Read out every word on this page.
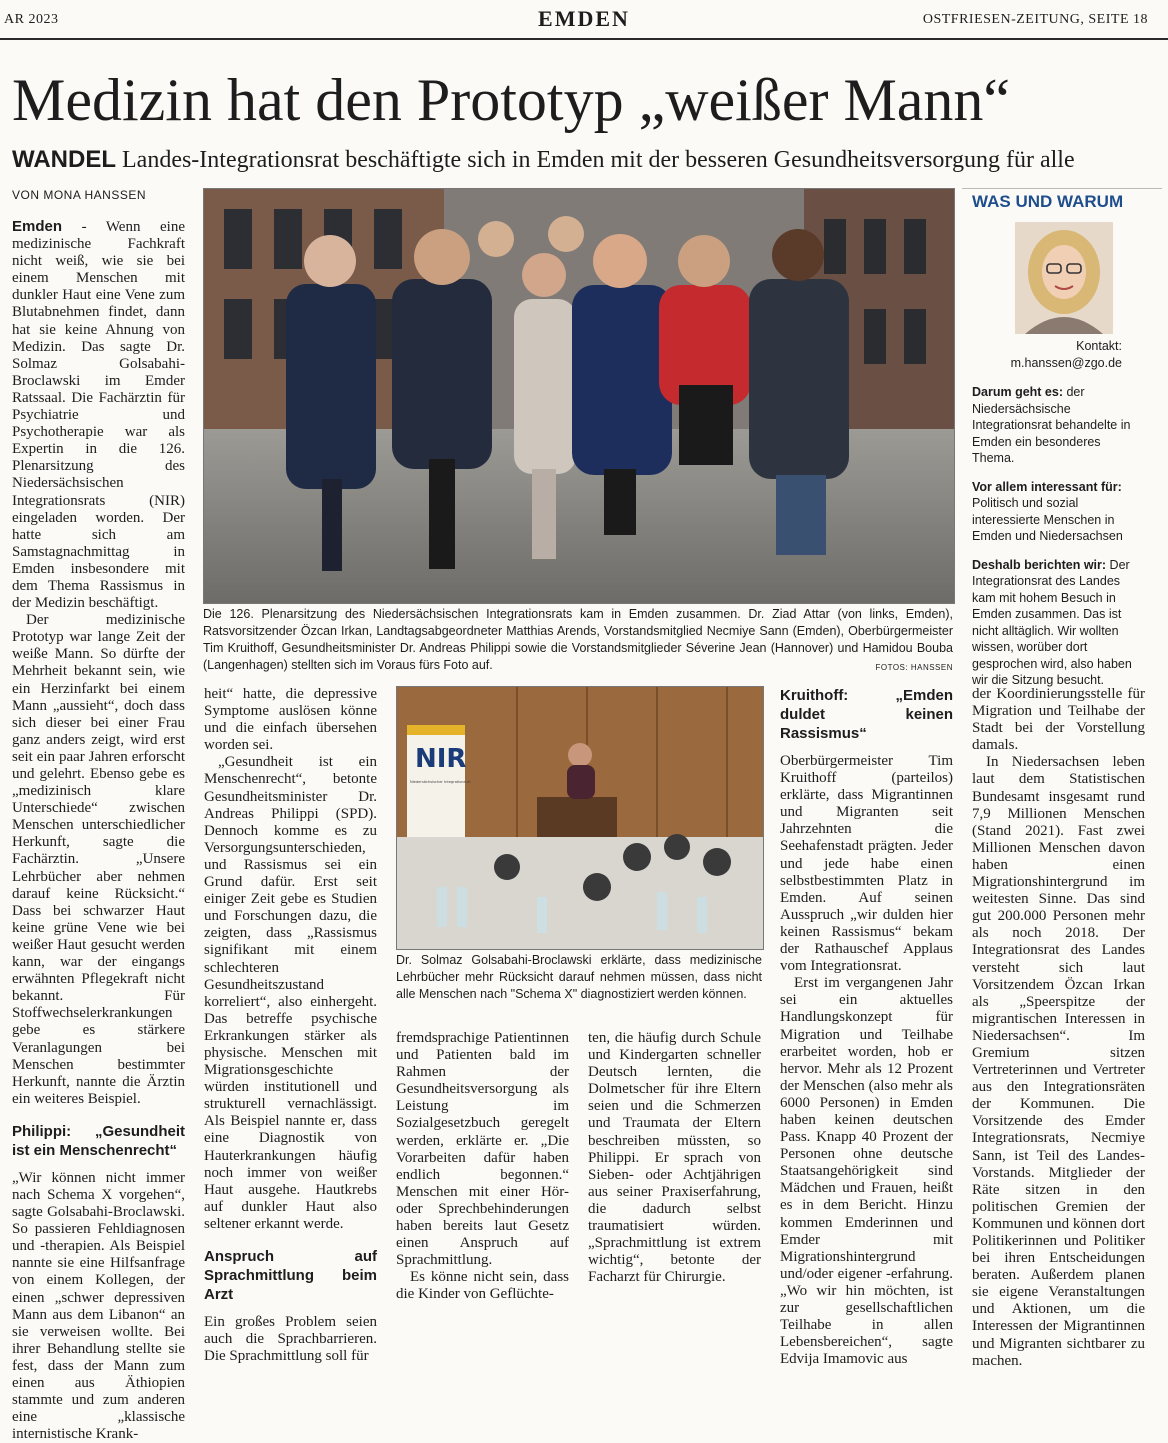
AR 2023	EMDEN	OSTFRIESEN-ZEITUNG, SEITE 18
Medizin hat den Prototyp „weißer Mann“
WANDEL Landes-Integrationsrat beschäftigte sich in Emden mit der besseren Gesundheitsversorgung für alle
VON MONA HANSSEN

Emden - Wenn eine medizinische Fachkraft nicht weiß, wie sie bei einem Menschen mit dunkler Haut eine Vene zum Blutabnehmen findet, dann hat sie keine Ahnung von Medizin. Das sagte Dr. Solmaz Golsabahi-Broclawski im Emder Ratssaal. Die Fachärztin für Psychiatrie und Psychotherapie war als Expertin in die 126. Plenarsitzung des Niedersächsischen Integrationsrats (NIR) eingeladen worden. Der hatte sich am Samstagnachmittag in Emden insbesondere mit dem Thema Rassismus in der Medizin beschäftigt.

Der medizinische Prototyp war lange Zeit der weiße Mann. So dürfte der Mehrheit bekannt sein, wie ein Herzinfarkt bei einem Mann „aussieht“, doch dass sich dieser bei einer Frau ganz anders zeigt, wird erst seit ein paar Jahren erforscht und gelehrt. Ebenso gebe es „medizinisch klare Unterschiede“ zwischen Menschen unterschiedlicher Herkunft, sagte die Fachärztin. „Unsere Lehrbücher aber nehmen darauf keine Rücksicht.“ Dass bei schwarzer Haut keine grüne Vene wie bei weißer Haut gesucht werden kann, war der eingangs erwähnten Pflegekraft nicht bekannt. Für Stoffwechselerkrankungen gebe es stärkere Veranlagungen bei Menschen bestimmter Herkunft, nannte die Ärztin ein weiteres Beispiel.

Philippi: „Gesundheit ist ein Menschenrecht“

„Wir können nicht immer nach Schema X vorgehen“, sagte Golsabahi-Broclawski. So passieren Fehldiagnosen und -therapien. Als Beispiel nannte sie eine Hilfsanfrage von einem Kollegen, der einen „schwer depressiven Mann aus dem Libanon“ an sie verweisen wollte. Bei ihrer Behandlung stellte sie fest, dass der Mann zum einen aus Äthiopien stammte und zum anderen eine „klassische internistische Krank-

Die 126. Plenarsitzung des Niedersächsischen Integrationsrats kam in Emden zusammen. Dr. Ziad Attar (von links, Emden), Ratsvorsitzender Özcan Irkan, Landtagsabgeordneter Matthias Arends, Vorstandsmitglied Necmiye Sann (Emden), Oberbürgermeister Tim Kruithoff, Gesundheitsminister Dr. Andreas Philippi sowie die Vorstandsmitglieder Séverine Jean (Hannover) und Hamidou Bouba (Langenhagen) stellten sich im Voraus fürs Foto auf.	FOTOS: HANSSEN
WAS UND WARUM
Kontakt:
m.hanssen@zgo.de

Darum geht es: der Niedersächsische Integrationsrat behandelte in Emden ein besonderes Thema.

Vor allem interessant für: Politisch und sozial interessierte Menschen in Emden und Niedersachsen

Deshalb berichten wir: Der Integrationsrat des Landes kam mit hohem Besuch in Emden zusammen. Das ist nicht alltäglich. Wir wollten wissen, worüber dort gesprochen wird, also haben wir die Sitzung besucht.

heit“ hatte, die depressive Symptome auslösen könne und die einfach übersehen worden sei.

„Gesundheit ist ein Menschenrecht“, betonte Gesundheitsminister Dr. Andreas Philippi (SPD). Dennoch komme es zu Versorgungsunterschieden, und Rassismus sei ein Grund dafür. Erst seit einiger Zeit gebe es Studien und Forschungen dazu, die zeigten, dass „Rassismus signifikant mit einem schlechteren Gesundheitszustand korreliert“, also einhergeht. Das betreffe psychische Erkrankungen stärker als physische. Menschen mit Migrationsgeschichte würden institutionell und strukturell vernachlässigt. Als Beispiel nannte er, dass eine Diagnostik von Hauterkrankungen häufig noch immer von weißer Haut ausgehe. Hautkrebs auf dunkler Haut also seltener erkannt werde.

Anspruch auf Sprachmittlung beim Arzt

Ein großes Problem seien auch die Sprachbarrieren. Die Sprachmittlung soll für

NIR
Niedersächsischer Integrationsrat
Dr. Solmaz Golsabahi-Broclawski erklärte, dass medizinische Lehrbücher mehr Rücksicht darauf nehmen müssen, dass nicht alle Menschen nach "Schema X" diagnostiziert werden können.

fremdsprachige Patientinnen und Patienten bald im Rahmen der Gesundheitsversorgung als Leistung im Sozialgesetzbuch geregelt werden, erklärte er. „Die Vorarbeiten dafür haben endlich begonnen.“ Menschen mit einer Hör- oder Sprechbehinderungen haben bereits laut Gesetz einen Anspruch auf Sprachmittlung.

Es könne nicht sein, dass die Kinder von Geflüchte-

ten, die häufig durch Schule und Kindergarten schneller Deutsch lernten, die Dolmetscher für ihre Eltern seien und die Schmerzen und Traumata der Eltern beschreiben müssten, so Philippi. Er sprach von Sieben- oder Achtjährigen aus seiner Praxiserfahrung, die dadurch selbst traumatisiert würden. „Sprachmittlung ist extrem wichtig“, betonte der Facharzt für Chirurgie.

Kruithoff: „Emden duldet keinen Rassismus“

Oberbürgermeister Tim Kruithoff (parteilos) erklärte, dass Migrantinnen und Migranten seit Jahrzehnten die Seehafenstadt prägten. Jeder und jede habe einen selbstbestimmten Platz in Emden. Auf seinen Ausspruch „wir dulden hier keinen Rassismus“ bekam der Rathauschef Applaus vom Integrationsrat.

Erst im vergangenen Jahr sei ein aktuelles Handlungskonzept für Migration und Teilhabe erarbeitet worden, hob er hervor. Mehr als 12 Prozent der Menschen (also mehr als 6000 Personen) in Emden haben keinen deutschen Pass. Knapp 40 Prozent der Personen ohne deutsche Staatsangehörigkeit sind Mädchen und Frauen, heißt es in dem Bericht. Hinzu kommen Emderinnen und Emder mit Migrationshintergrund und/oder eigener -erfahrung. „Wo wir hin möchten, ist zur gesellschaftlichen Teilhabe in allen Lebensbereichen“, sagte Edvija Imamovic aus

der Koordinierungsstelle für Migration und Teilhabe der Stadt bei der Vorstellung damals.

In Niedersachsen leben laut dem Statistischen Bundesamt insgesamt rund 7,9 Millionen Menschen (Stand 2021). Fast zwei Millionen Menschen davon haben einen Migrationshintergrund im weitesten Sinne. Das sind gut 200.000 Personen mehr als noch 2018. Der Integrationsrat des Landes versteht sich laut Vorsitzendem Özcan Irkan als „Speerspitze der migrantischen Interessen in Niedersachsen“. Im Gremium sitzen Vertreterinnen und Vertreter aus den Integrationsräten der Kommunen. Die Vorsitzende des Emder Integrationsrats, Necmiye Sann, ist Teil des Landes-Vorstands. Mitglieder der Räte sitzen in den politischen Gremien der Kommunen und können dort Politikerinnen und Politiker bei ihren Entscheidungen beraten. Außerdem planen sie eigene Veranstaltungen und Aktionen, um die Interessen der Migrantinnen und Migranten sichtbarer zu machen.
